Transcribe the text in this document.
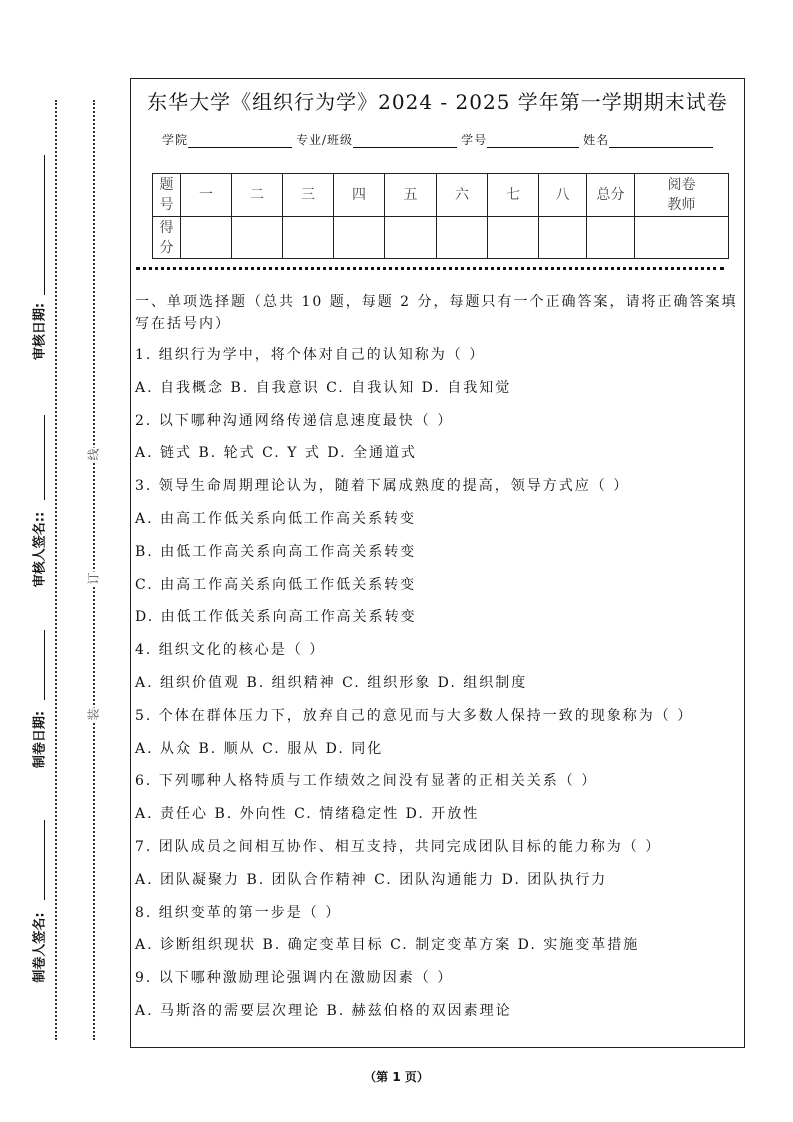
审核日期:
审核人签名::
制卷日期:
制卷人签名:
线
订
装
东华大学《组织行为学》2024 - 2025 学年第一学期期末试卷
学院	专业/班级	学号	姓名
题号	一	二	三	四	五	六	七	八	总分	阅卷教师
得分										
一、单项选择题（总共 10 题，每题 2 分，每题只有一个正确答案，请将正确答案填
写在括号内）
1. 组织行为学中，将个体对自己的认知称为（ ）
A. 自我概念 B. 自我意识 C. 自我认知 D. 自我知觉
2. 以下哪种沟通网络传递信息速度最快（ ）
A. 链式 B. 轮式 C. Y 式 D. 全通道式
3. 领导生命周期理论认为，随着下属成熟度的提高，领导方式应（ ）
A. 由高工作低关系向低工作高关系转变
B. 由低工作高关系向高工作高关系转变
C. 由高工作高关系向低工作低关系转变
D. 由低工作低关系向高工作高关系转变
4. 组织文化的核心是（ ）
A. 组织价值观 B. 组织精神 C. 组织形象 D. 组织制度
5. 个体在群体压力下，放弃自己的意见而与大多数人保持一致的现象称为（ ）
A. 从众 B. 顺从 C. 服从 D. 同化
6. 下列哪种人格特质与工作绩效之间没有显著的正相关关系（ ）
A. 责任心 B. 外向性 C. 情绪稳定性 D. 开放性
7. 团队成员之间相互协作、相互支持，共同完成团队目标的能力称为（ ）
A. 团队凝聚力 B. 团队合作精神 C. 团队沟通能力 D. 团队执行力
8. 组织变革的第一步是（ ）
A. 诊断组织现状 B. 确定变革目标 C. 制定变革方案 D. 实施变革措施
9. 以下哪种激励理论强调内在激励因素（ ）
A. 马斯洛的需要层次理论 B. 赫兹伯格的双因素理论
（第 1 页）
